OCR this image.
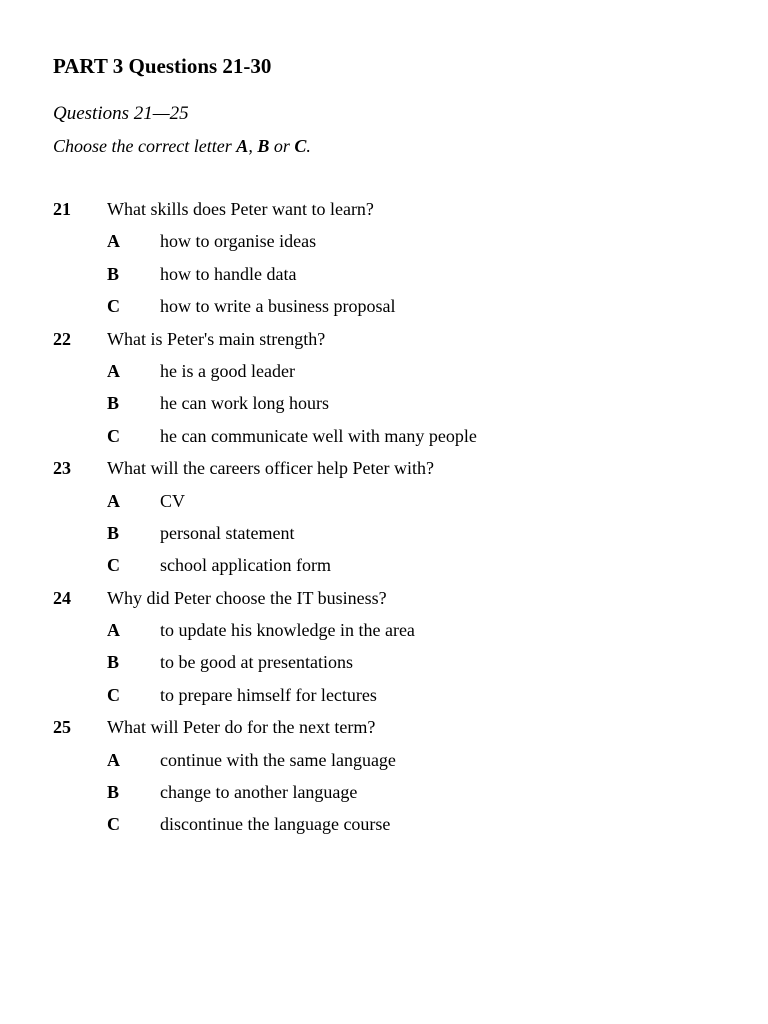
PART 3 Questions 21-30
Questions 21—25
Choose the correct letter A, B or C.
21	What skills does Peter want to learn?
A	how to organise ideas
B	how to handle data
C	how to write a business proposal
22	What is Peter's main strength?
A	he is a good leader
B	he can work long hours
C	he can communicate well with many people
23	What will the careers officer help Peter with?
A	CV
B	personal statement
C	school application form
24	Why did Peter choose the IT business?
A	to update his knowledge in the area
B	to be good at presentations
C	to prepare himself for lectures
25	What will Peter do for the next term?
A	continue with the same language
B	change to another language
C	discontinue the language course
